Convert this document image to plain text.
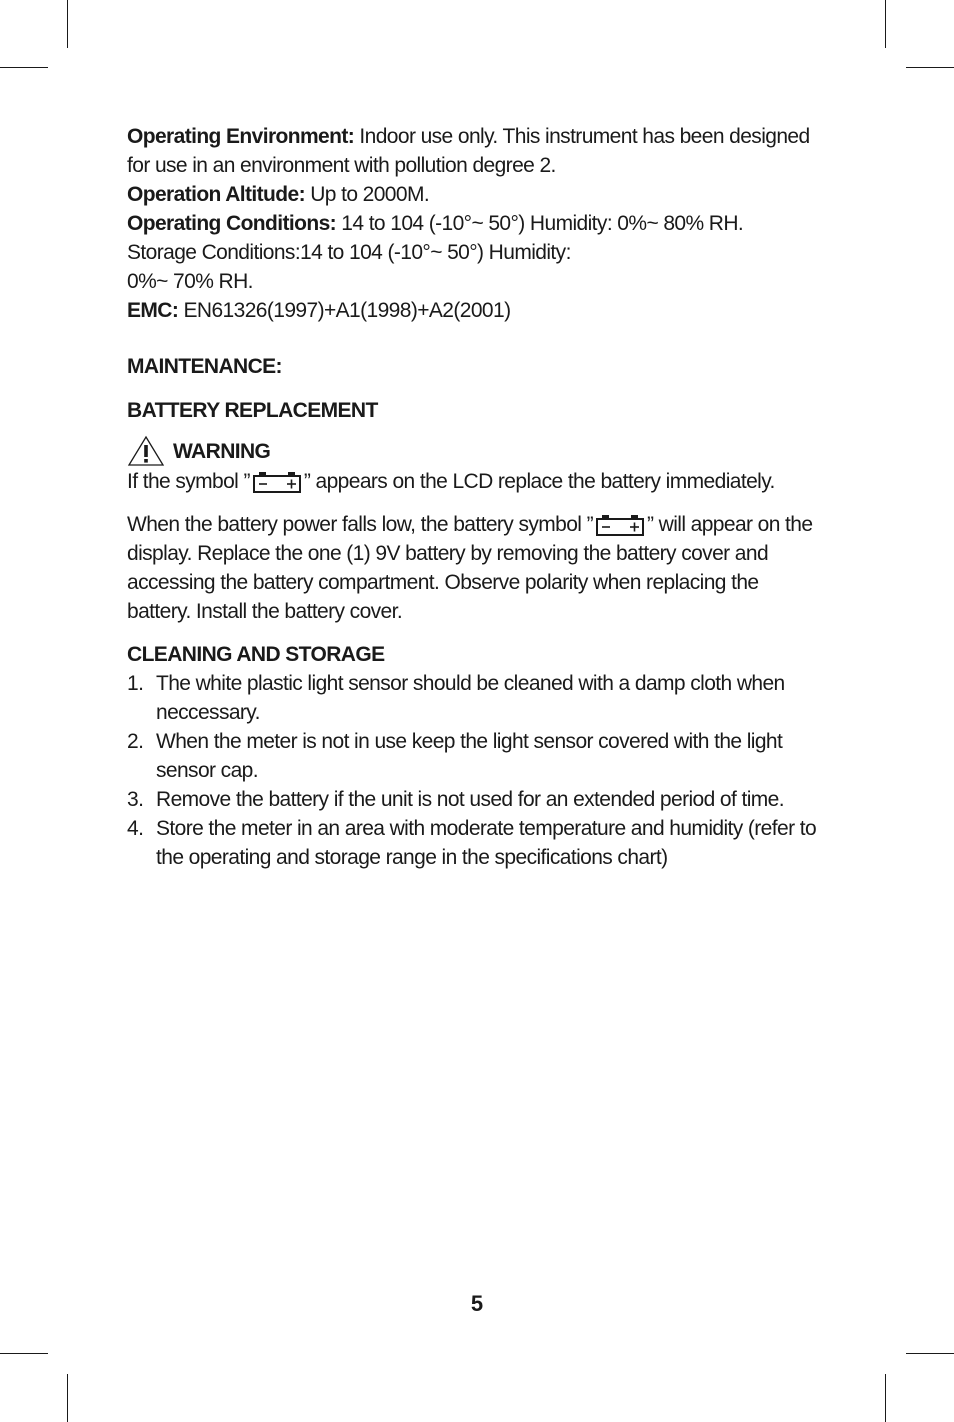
Operating Environment: Indoor use only. This instrument has been designed for use in an environment with pollution degree 2.

Operation Altitude: Up to 2000M.

Operating Conditions: 14 to 104 (-10°~ 50°) Humidity: 0%~ 80% RH.

Storage Conditions:14 to 104 (-10°~ 50°) Humidity:

0%~ 70% RH.

EMC: EN61326(1997)+A1(1998)+A2(2001)

MAINTENANCE:

BATTERY REPLACEMENT

WARNING

If the symbol ”	” appears on the LCD replace the battery immediately.

When the battery power falls low, the battery symbol ”	” will appear on the display. Replace the one (1) 9V battery by removing the battery cover and accessing the battery compartment. Observe polarity when replacing the battery. Install the battery cover.

CLEANING AND STORAGE

1. The white plastic light sensor should be cleaned with a damp cloth when neccessary.
2. When the meter is not in use keep the light sensor covered with the light sensor cap.
3. Remove the battery if the unit is not used for an extended period of time.
4. Store the meter in an area with moderate temperature and humidity (refer to the operating and storage range in the specifications chart)
5
